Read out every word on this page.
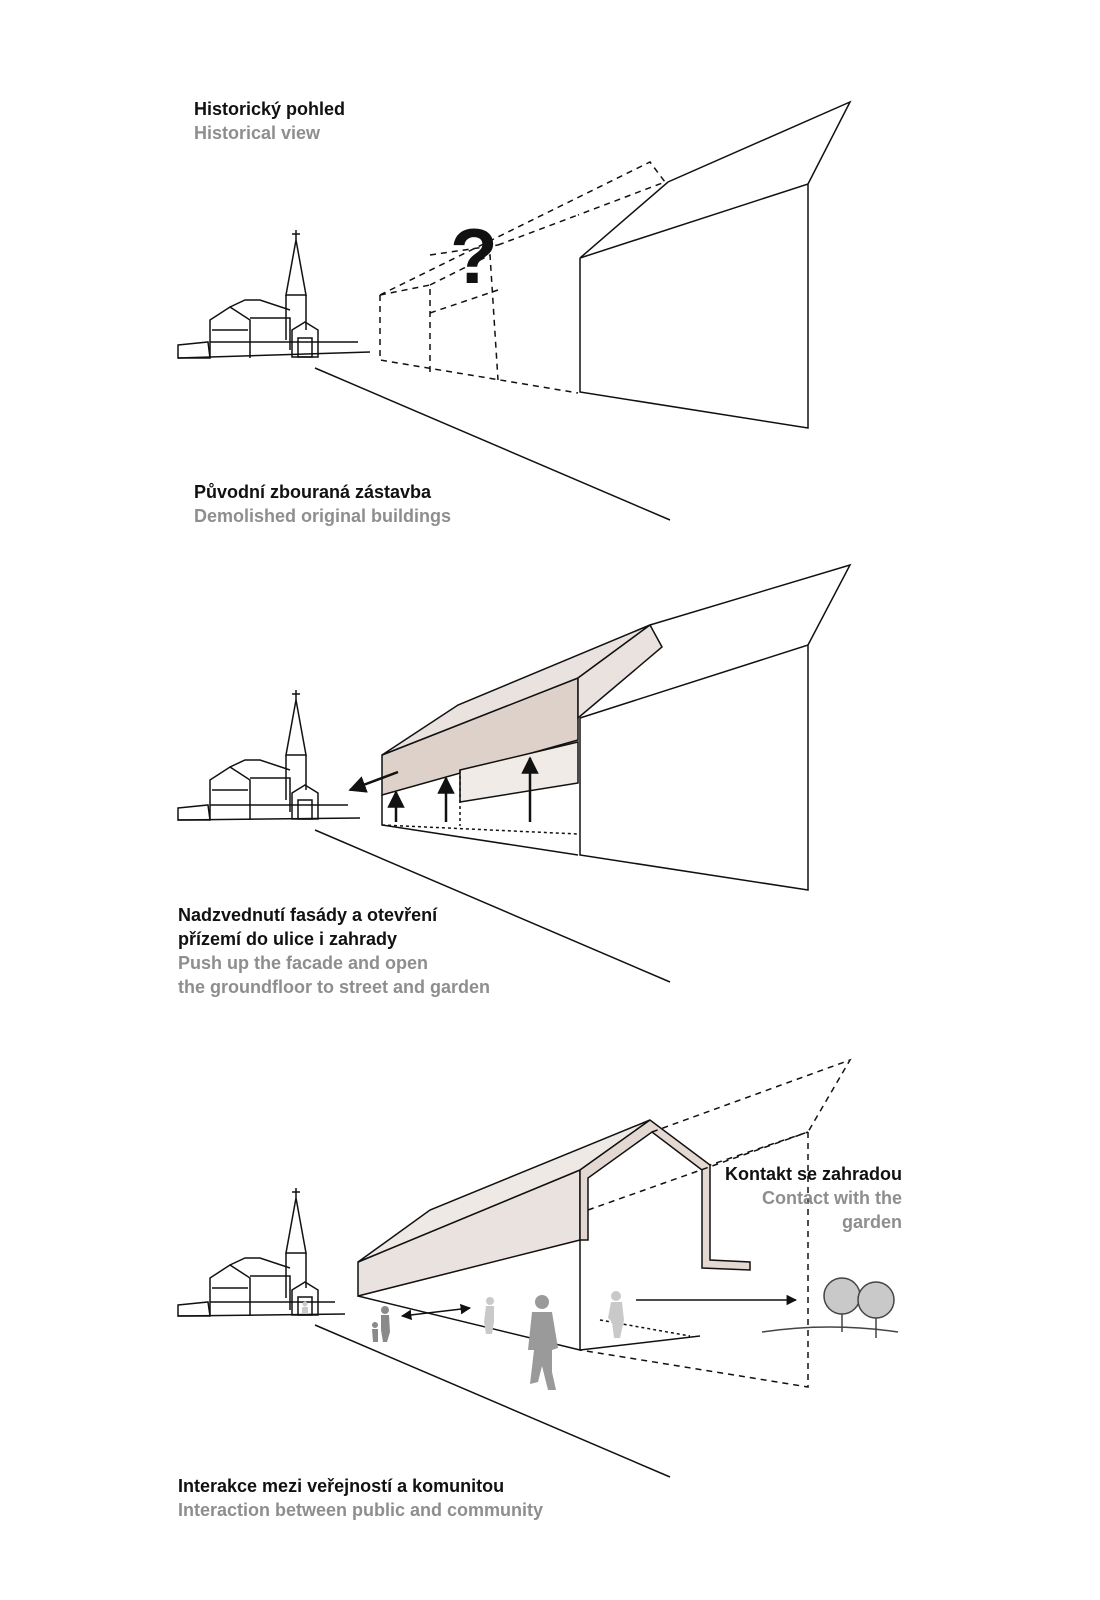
?
Historický pohled
Historical view
Původní zbouraná zástavba
Demolished original buildings
Nadzvednutí fasády a otevření
přízemí do ulice i zahrady
Push up the facade and open
the groundfloor to street and garden
Kontakt se zahradou
Contact with the
garden
Interakce mezi veřejností a komunitou
Interaction between public and community
